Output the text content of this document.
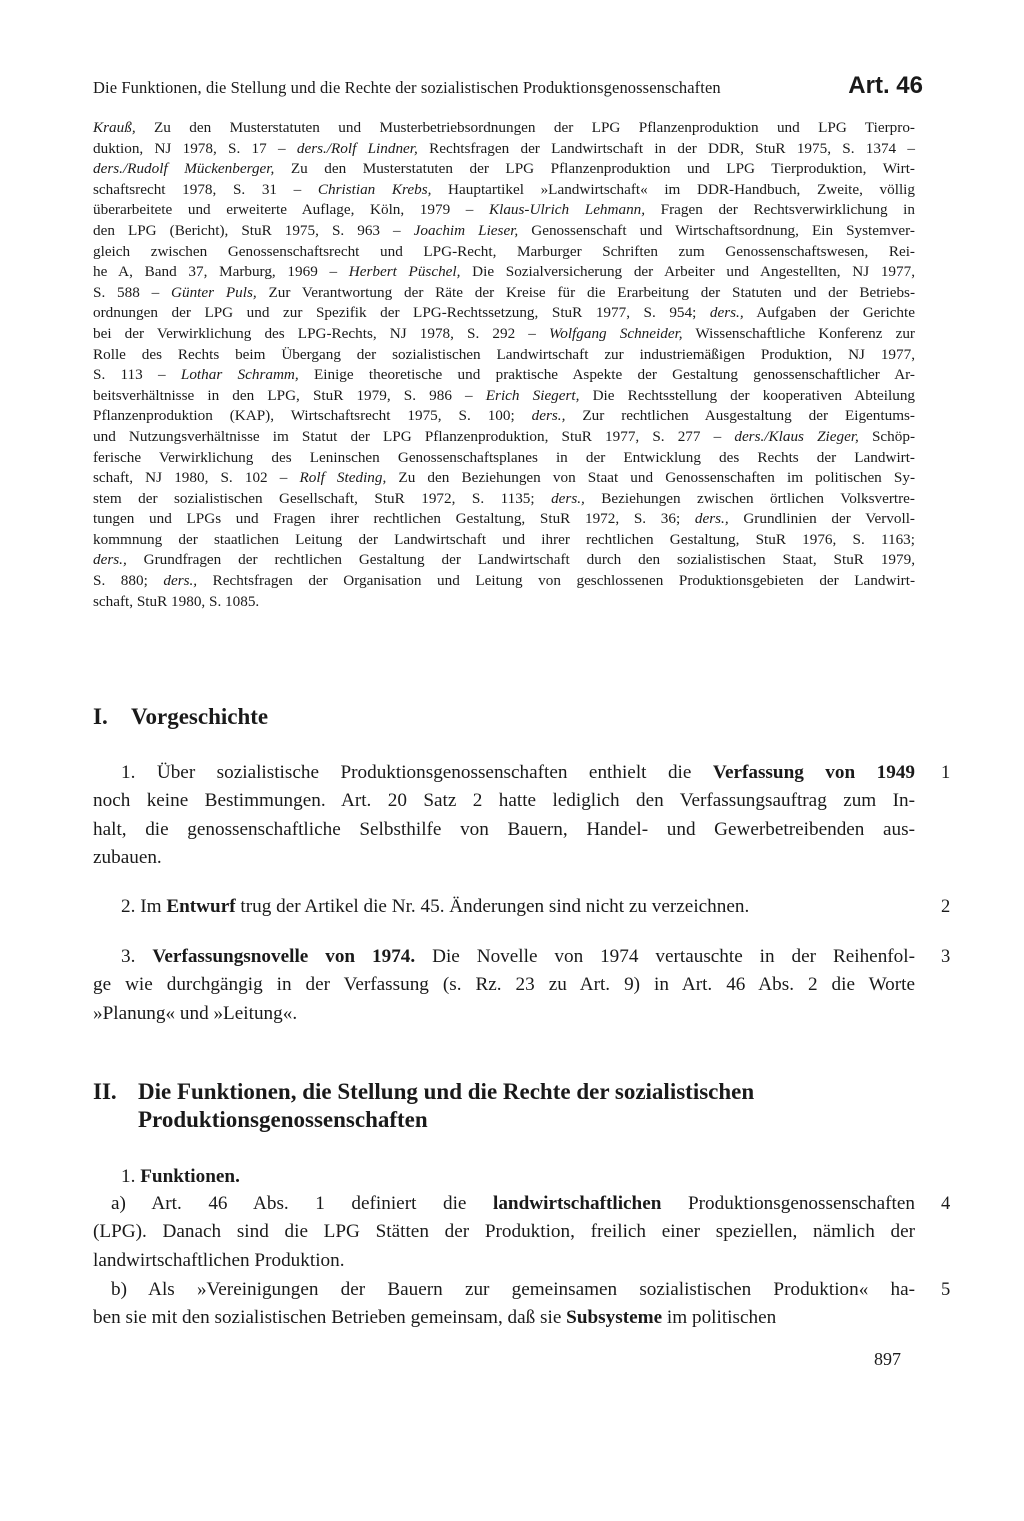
Die Funktionen, die Stellung und die Rechte der sozialistischen Produktionsgenossenschaften	Art. 46
Krauß, Zu den Musterstatuten und Musterbetriebsordnungen der LPG Pflanzenproduktion und LPG Tierpro-
duktion, NJ 1978, S. 17 – ders./Rolf Lindner, Rechtsfragen der Landwirtschaft in der DDR, StuR 1975, S. 1374 –
ders./Rudolf Mückenberger, Zu den Musterstatuten der LPG Pflanzenproduktion und LPG Tierproduktion, Wirt-
schaftsrecht 1978, S. 31 – Christian Krebs, Hauptartikel »Landwirtschaft« im DDR-Handbuch, Zweite, völlig
überarbeitete und erweiterte Auflage, Köln, 1979 – Klaus-Ulrich Lehmann, Fragen der Rechtsverwirklichung in
den LPG (Bericht), StuR 1975, S. 963 – Joachim Lieser, Genossenschaft und Wirtschaftsordnung, Ein Systemver-
gleich zwischen Genossenschaftsrecht und LPG-Recht, Marburger Schriften zum Genossenschaftswesen, Rei-
he A, Band 37, Marburg, 1969 – Herbert Püschel, Die Sozialversicherung der Arbeiter und Angestellten, NJ 1977,
S. 588 – Günter Puls, Zur Verantwortung der Räte der Kreise für die Erarbeitung der Statuten und der Betriebs-
ordnungen der LPG und zur Spezifik der LPG-Rechtssetzung, StuR 1977, S. 954; ders., Aufgaben der Gerichte
bei der Verwirklichung des LPG-Rechts, NJ 1978, S. 292 – Wolfgang Schneider, Wissenschaftliche Konferenz zur
Rolle des Rechts beim Übergang der sozialistischen Landwirtschaft zur industriemäßigen Produktion, NJ 1977,
S. 113 – Lothar Schramm, Einige theoretische und praktische Aspekte der Gestaltung genossenschaftlicher Ar-
beitsverhältnisse in den LPG, StuR 1979, S. 986 – Erich Siegert, Die Rechtsstellung der kooperativen Abteilung
Pflanzenproduktion (KAP), Wirtschaftsrecht 1975, S. 100; ders., Zur rechtlichen Ausgestaltung der Eigentums-
und Nutzungsverhältnisse im Statut der LPG Pflanzenproduktion, StuR 1977, S. 277 – ders./Klaus Zieger, Schöp-
ferische Verwirklichung des Leninschen Genossenschaftsplanes in der Entwicklung des Rechts der Landwirt-
schaft, NJ 1980, S. 102 – Rolf Steding, Zu den Beziehungen von Staat und Genossenschaften im politischen Sy-
stem der sozialistischen Gesellschaft, StuR 1972, S. 1135; ders., Beziehungen zwischen örtlichen Volksvertre-
tungen und LPGs und Fragen ihrer rechtlichen Gestaltung, StuR 1972, S. 36; ders., Grundlinien der Vervoll-
kommnung der staatlichen Leitung der Landwirtschaft und ihrer rechtlichen Gestaltung, StuR 1976, S. 1163;
ders., Grundfragen der rechtlichen Gestaltung der Landwirtschaft durch den sozialistischen Staat, StuR 1979,
S. 880; ders., Rechtsfragen der Organisation und Leitung von geschlossenen Produktionsgebieten der Landwirt-
schaft, StuR 1980, S. 1085.
I. Vorgeschichte
1. Über sozialistische Produktionsgenossenschaften enthielt die Verfassung von 1949
noch keine Bestimmungen. Art. 20 Satz 2 hatte lediglich den Verfassungsauftrag zum In-
halt, die genossenschaftliche Selbsthilfe von Bauern, Handel- und Gewerbetreibenden aus-
zubauen.
1
2. Im Entwurf trug der Artikel die Nr. 45. Änderungen sind nicht zu verzeichnen.	2
3. Verfassungsnovelle von 1974. Die Novelle von 1974 vertauschte in der Reihenfol-
ge wie durchgängig in der Verfassung (s. Rz. 23 zu Art. 9) in Art. 46 Abs. 2 die Worte
»Planung« und »Leitung«.
3
II. Die Funktionen, die Stellung und die Rechte der sozialistischen
Produktionsgenossenschaften
1. Funktionen.
a) Art. 46 Abs. 1 definiert die landwirtschaftlichen Produktionsgenossenschaften
(LPG). Danach sind die LPG Stätten der Produktion, freilich einer speziellen, nämlich der
landwirtschaftlichen Produktion.
4
b) Als »Vereinigungen der Bauern zur gemeinsamen sozialistischen Produktion« ha-
ben sie mit den sozialistischen Betrieben gemeinsam, daß sie Subsysteme im politischen
5
897
